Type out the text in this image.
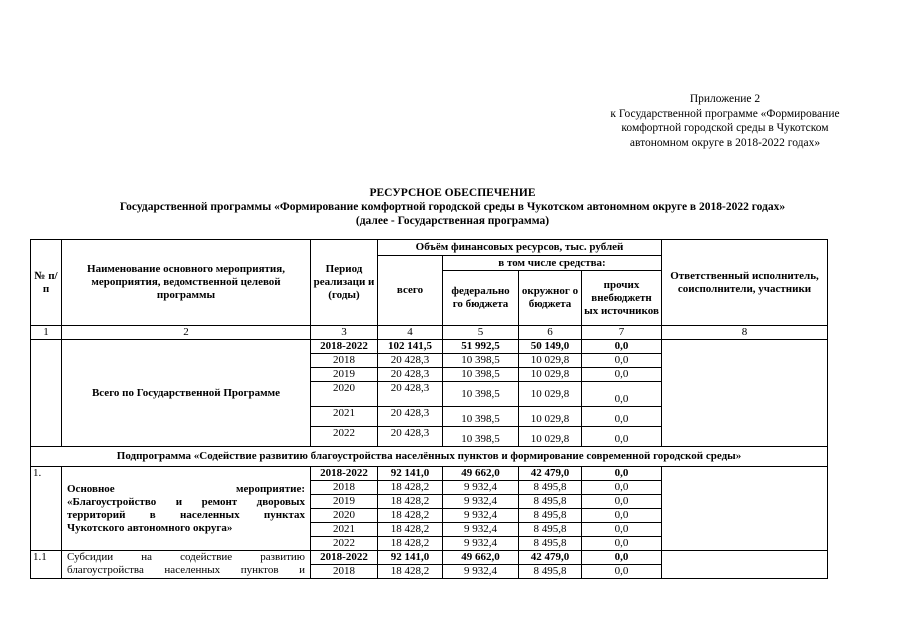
Приложение 2
к Государственной программе «Формирование
комфортной городской среды в Чукотском
автономном округе в 2018-2022 годах»
РЕСУРСНОЕ ОБЕСПЕЧЕНИЕ
Государственной программы «Формирование комфортной городской среды в Чукотском автономном округе в 2018-2022 годах»
(далее - Государственная программа)
№ п/п	Наименование основного мероприятия, мероприятия, ведомственной целевой программы	Период реализаци и (годы)	Объём финансовых ресурсов, тыс. рублей				Ответственный исполнитель, соисполнители, участники
			всего	в том числе средства:			
				федерально го бюджета	окружног о бюджета	прочих внебюджетн ых источников	
1	2	3	4	5	6	7	8
	Всего по Государственной Программе	2018-2022	102 141,5	51 992,5	50 149,0	0,0	
		2018	20 428,3	10 398,5	10 029,8	0,0	
		2019	20 428,3	10 398,5	10 029,8	0,0	
		2020	20 428,3	10 398,5	10 029,8	0,0	
		2021	20 428,3	10 398,5	10 029,8	0,0	
		2022	20 428,3	10 398,5	10 029,8	0,0	
Подпрограмма «Содействие развитию благоустройства населённых пунктов и формирование современной городской среды»							
1.	Основное мероприятие:
«Благоустройство и ремонт дворовых
территорий в населенных пунктах
Чукотского автономного округа»	2018-2022	92 141,0	49 662,0	42 479,0	0,0	
		2018	18 428,2	9 932,4	8 495,8	0,0	
		2019	18 428,2	9 932,4	8 495,8	0,0	
		2020	18 428,2	9 932,4	8 495,8	0,0	
		2021	18 428,2	9 932,4	8 495,8	0,0	
		2022	18 428,2	9 932,4	8 495,8	0,0	
1.1	Субсидии на содействие развитию
благоустройства населенных пунктов и	2018-2022	92 141,0	49 662,0	42 479,0	0,0	
		2018	18 428,2	9 932,4	8 495,8	0,0	
